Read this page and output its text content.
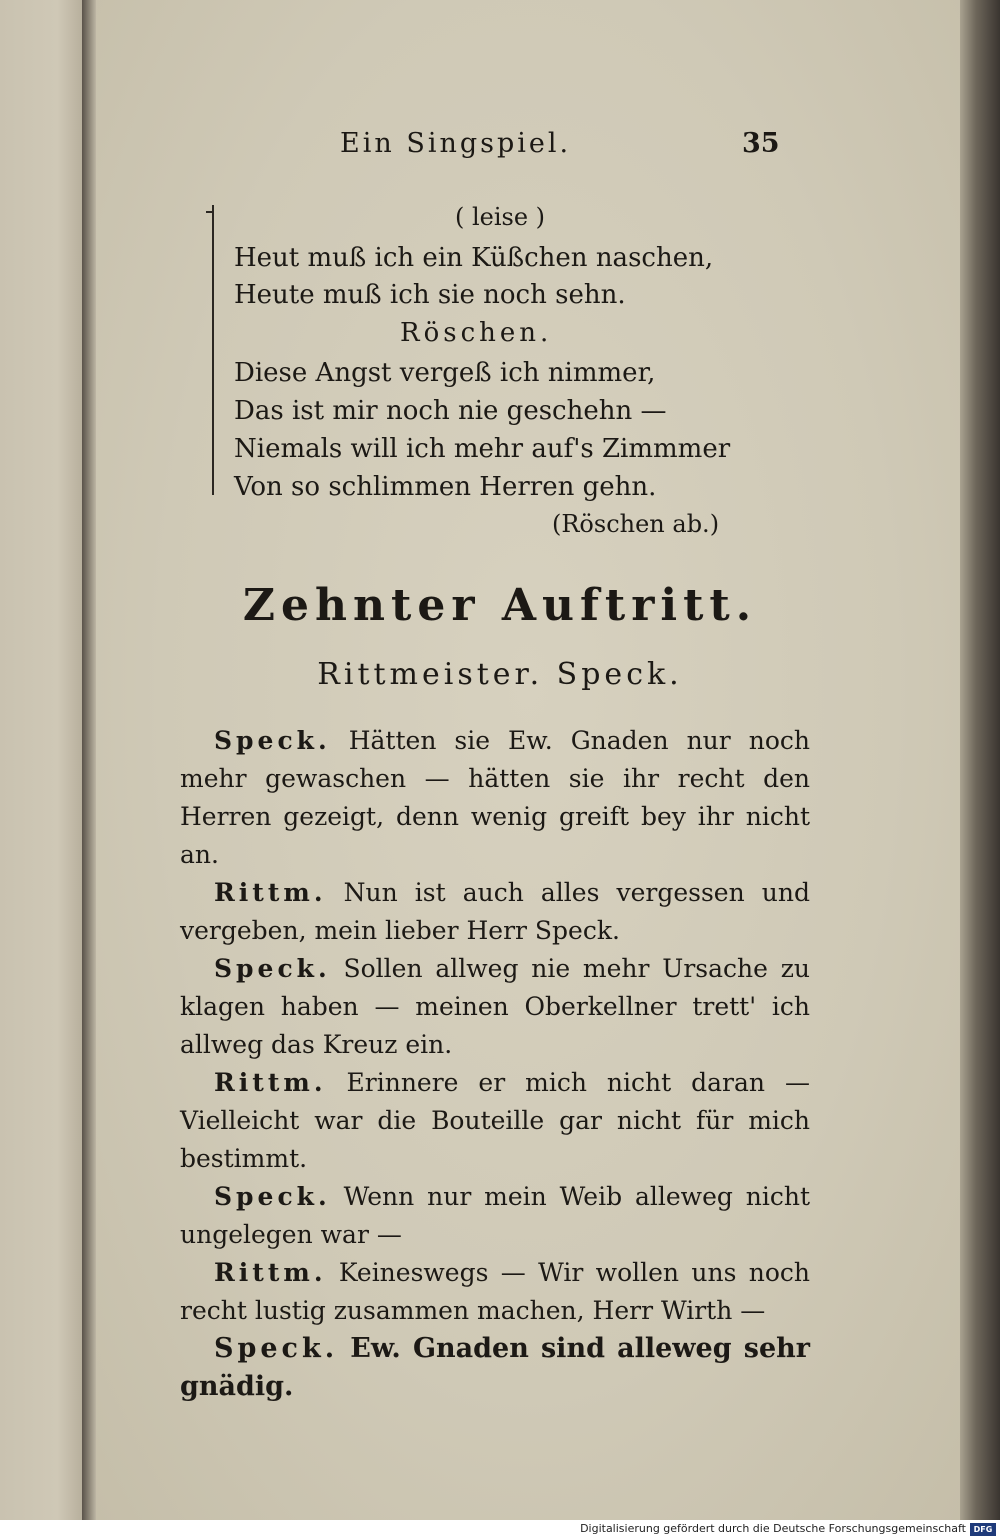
Ein Singspiel.	35
( leise )
Heut muß ich ein Küßchen naschen,
Heute muß ich sie noch sehn.
Röschen.
Diese Angst vergeß ich nimmer,
Das ist mir noch nie geschehn —
Niemals will ich mehr auf's Zimmmer
Von so schlimmen Herren gehn.
(Röschen ab.)
Zehnter Auftritt.
Rittmeister. Speck.

Speck. Hätten sie Ew. Gnaden nur noch mehr gewaschen — hätten sie ihr recht den Herren gezeigt, denn wenig greift bey ihr nicht an.

Rittm. Nun ist auch alles vergessen und vergeben, mein lieber Herr Speck.

Speck. Sollen allweg nie mehr Ursache zu klagen haben — meinen Oberkellner trett' ich allweg das Kreuz ein.

Rittm. Erinnere er mich nicht daran — Vielleicht war die Bouteille gar nicht für mich bestimmt.

Speck. Wenn nur mein Weib alleweg nicht ungelegen war —

Rittm. Keineswegs — Wir wollen uns noch recht lustig zusammen machen, Herr Wirth —

Speck. Ew. Gnaden sind alleweg sehr gnädig.

Digitalisierung gefördert durch die Deutsche Forschungsgemeinschaft DFG
